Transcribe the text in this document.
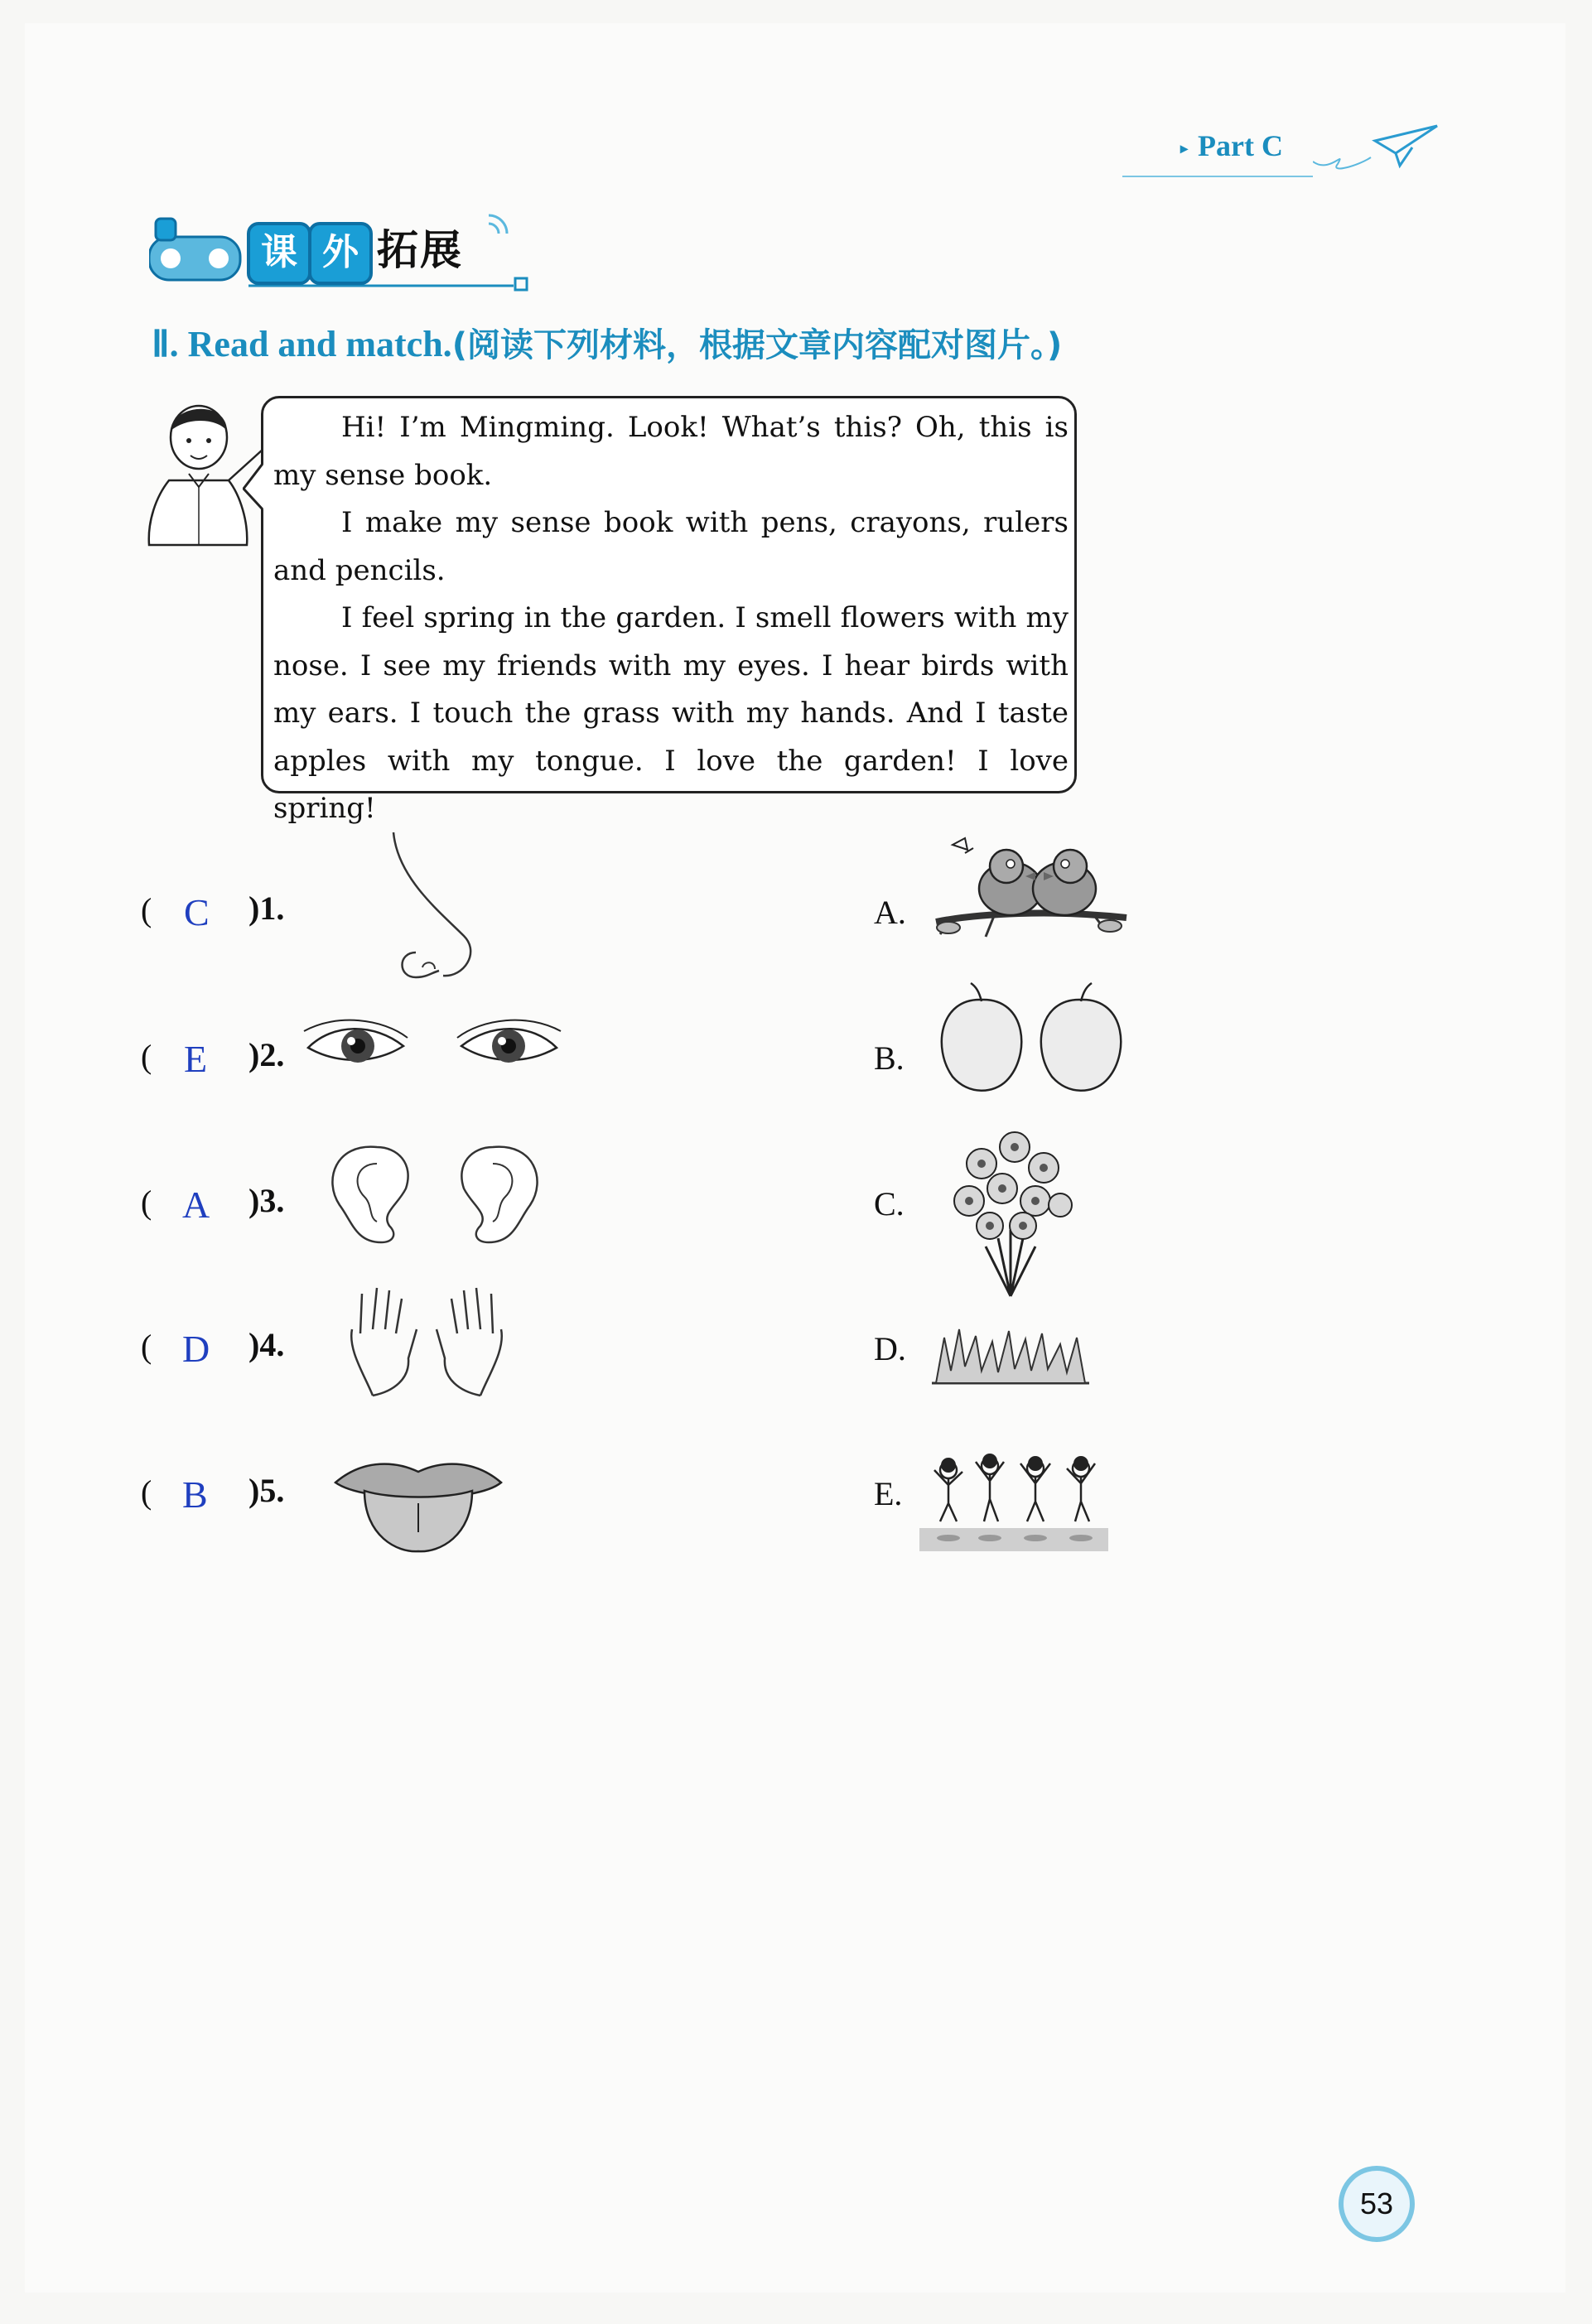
▸ Part C
课 外 拓展
Ⅱ. Read and match.(阅读下列材料，根据文章内容配对图片。)

Hi! I’m Mingming. Look! What’s this? Oh, this is my sense book.

I make my sense book with pens, crayons, rulers and pencils.

I feel spring in the garden. I smell flowers with my nose. I see my friends with my eyes. I hear birds with my ears. I touch the grass with my hands. And I taste apples with my tongue. I love the garden! I love spring!

( C )1.	A.
( E )2.	B.
( A )3.	C.
( D )4.	D.
( B )5.	E.
53
